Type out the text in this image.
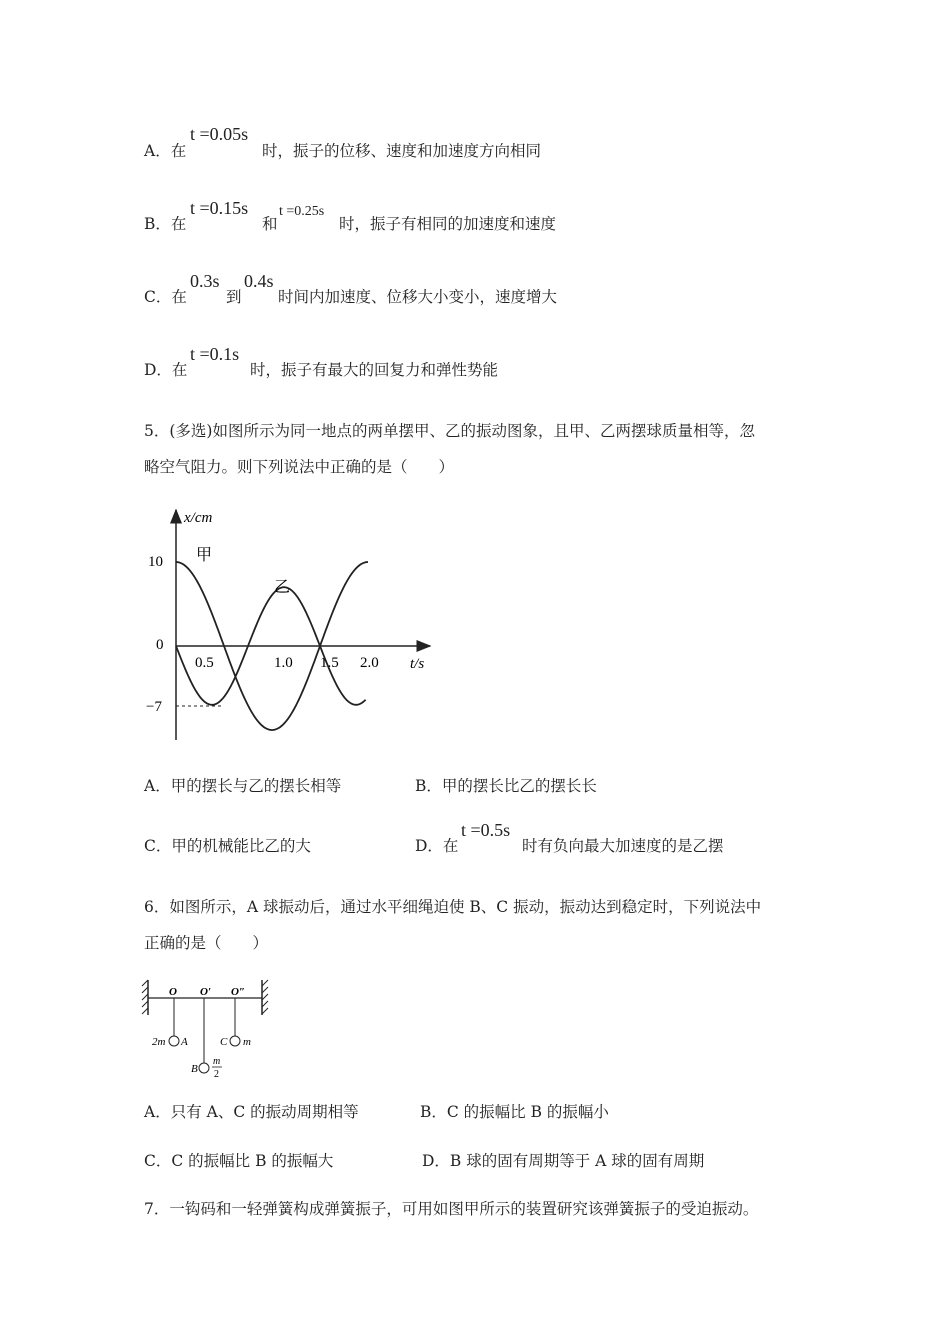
A．在
t =0.05s
时，振子的位移、速度和加速度方向相同
B．在
t =0.15s
和
t =0.25s
时，振子有相同的加速度和速度
C．在
0.3s
到
0.4s
时间内加速度、位移大小变小，速度增大
D．在
t =0.1s
时，振子有最大的回复力和弹性势能
5．(多选)如图所示为同一地点的两单摆甲、乙的振动图象，且甲、乙两摆球质量相等，忽
略空气阻力。则下列说法中正确的是（　　）
x/cm
t/s
10
0
−7
0.5	1.0 1.5 2.0
甲
乙
A．甲的摆长与乙的摆长相等	B．甲的摆长比乙的摆长长
C．甲的机械能比乙的大	D．在
t =0.5s
时有负向最大加速度的是乙摆
6．如图所示，A 球振动后，通过水平细绳迫使 B、C 振动，振动达到稳定时，下列说法中
正确的是（　　）
O O′ O″
2m A
B
m
2
C m
A．只有 A、C 的振动周期相等	B．C 的振幅比 B 的振幅小
C．C 的振幅比 B 的振幅大	D．B 球的固有周期等于 A 球的固有周期
7．一钩码和一轻弹簧构成弹簧振子，可用如图甲所示的装置研究该弹簧振子的受迫振动。
